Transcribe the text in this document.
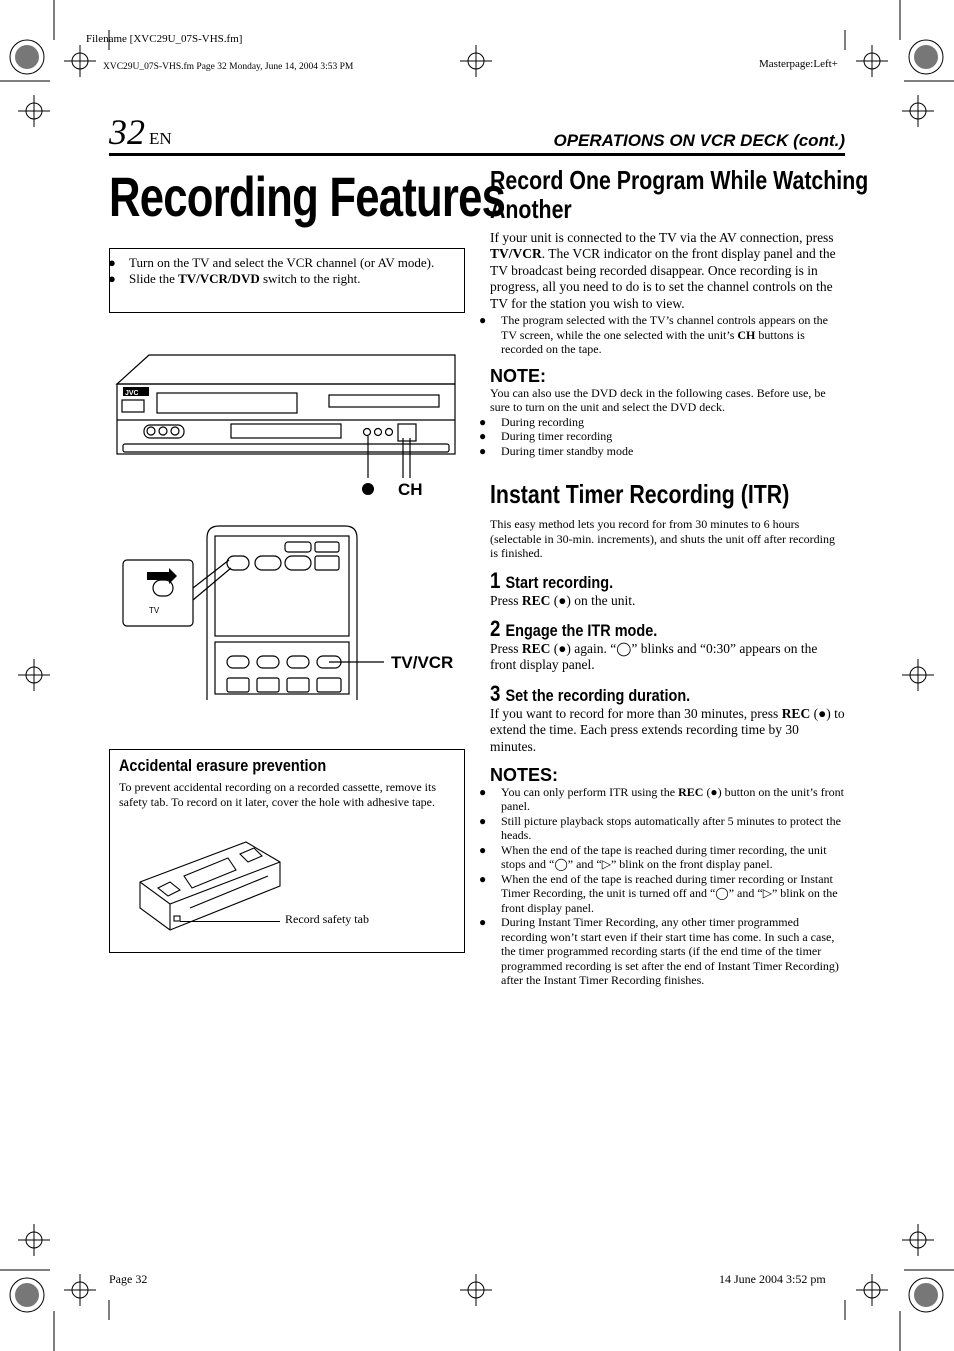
Filename [XVC29U_07S-VHS.fm]
XVC29U_07S-VHS.fm Page 32 Monday, June 14, 2004 3:53 PM	Masterpage:Left+
Page 32	14 June 2004 3:52 pm
32 EN	OPERATIONS ON VCR DECK (cont.)
Recording Features
● Turn on the TV and select the VCR channel (or AV mode).
● Slide the TV/VCR/DVD switch to the right.
JVC
CH
TV/VCR
TV
Accidental erasure prevention
To prevent accidental recording on a recorded cassette, remove its safety tab. To record on it later, cover the hole with adhesive tape.
Record safety tab
Record One Program While Watching
Another
If your unit is connected to the TV via the AV connection, press TV/VCR. The VCR indicator on the front display panel and the TV broadcast being recorded disappear. Once recording is in progress, all you need to do is to set the channel controls on the TV for the station you wish to view.
● The program selected with the TV’s channel controls appears on the TV screen, while the one selected with the unit’s CH buttons is recorded on the tape.
NOTE:
You can also use the DVD deck in the following cases. Before use, be sure to turn on the unit and select the DVD deck.
● During recording
● During timer recording
● During timer standby mode
Instant Timer Recording (ITR)
This easy method lets you record for from 30 minutes to 6 hours (selectable in 30-min. increments), and shuts the unit off after recording is finished.
1 Start recording.
Press REC (●) on the unit.
2 Engage the ITR mode.
Press REC (●) again. “◯” blinks and “0:30” appears on the front display panel.
3 Set the recording duration.
If you want to record for more than 30 minutes, press REC (●) to extend the time. Each press extends recording time by 30 minutes.
NOTES:
● You can only perform ITR using the REC (●) button on the unit’s front panel.
● Still picture playback stops automatically after 5 minutes to protect the heads.
● When the end of the tape is reached during timer recording, the unit stops and “◯” and “▷” blink on the front display panel.
● When the end of the tape is reached during timer recording or Instant Timer Recording, the unit is turned off and “◯” and “▷” blink on the front display panel.
● During Instant Timer Recording, any other timer programmed recording won’t start even if their start time has come. In such a case, the timer programmed recording starts (if the end time of the timer programmed recording is set after the end of Instant Timer Recording) after the Instant Timer Recording finishes.
